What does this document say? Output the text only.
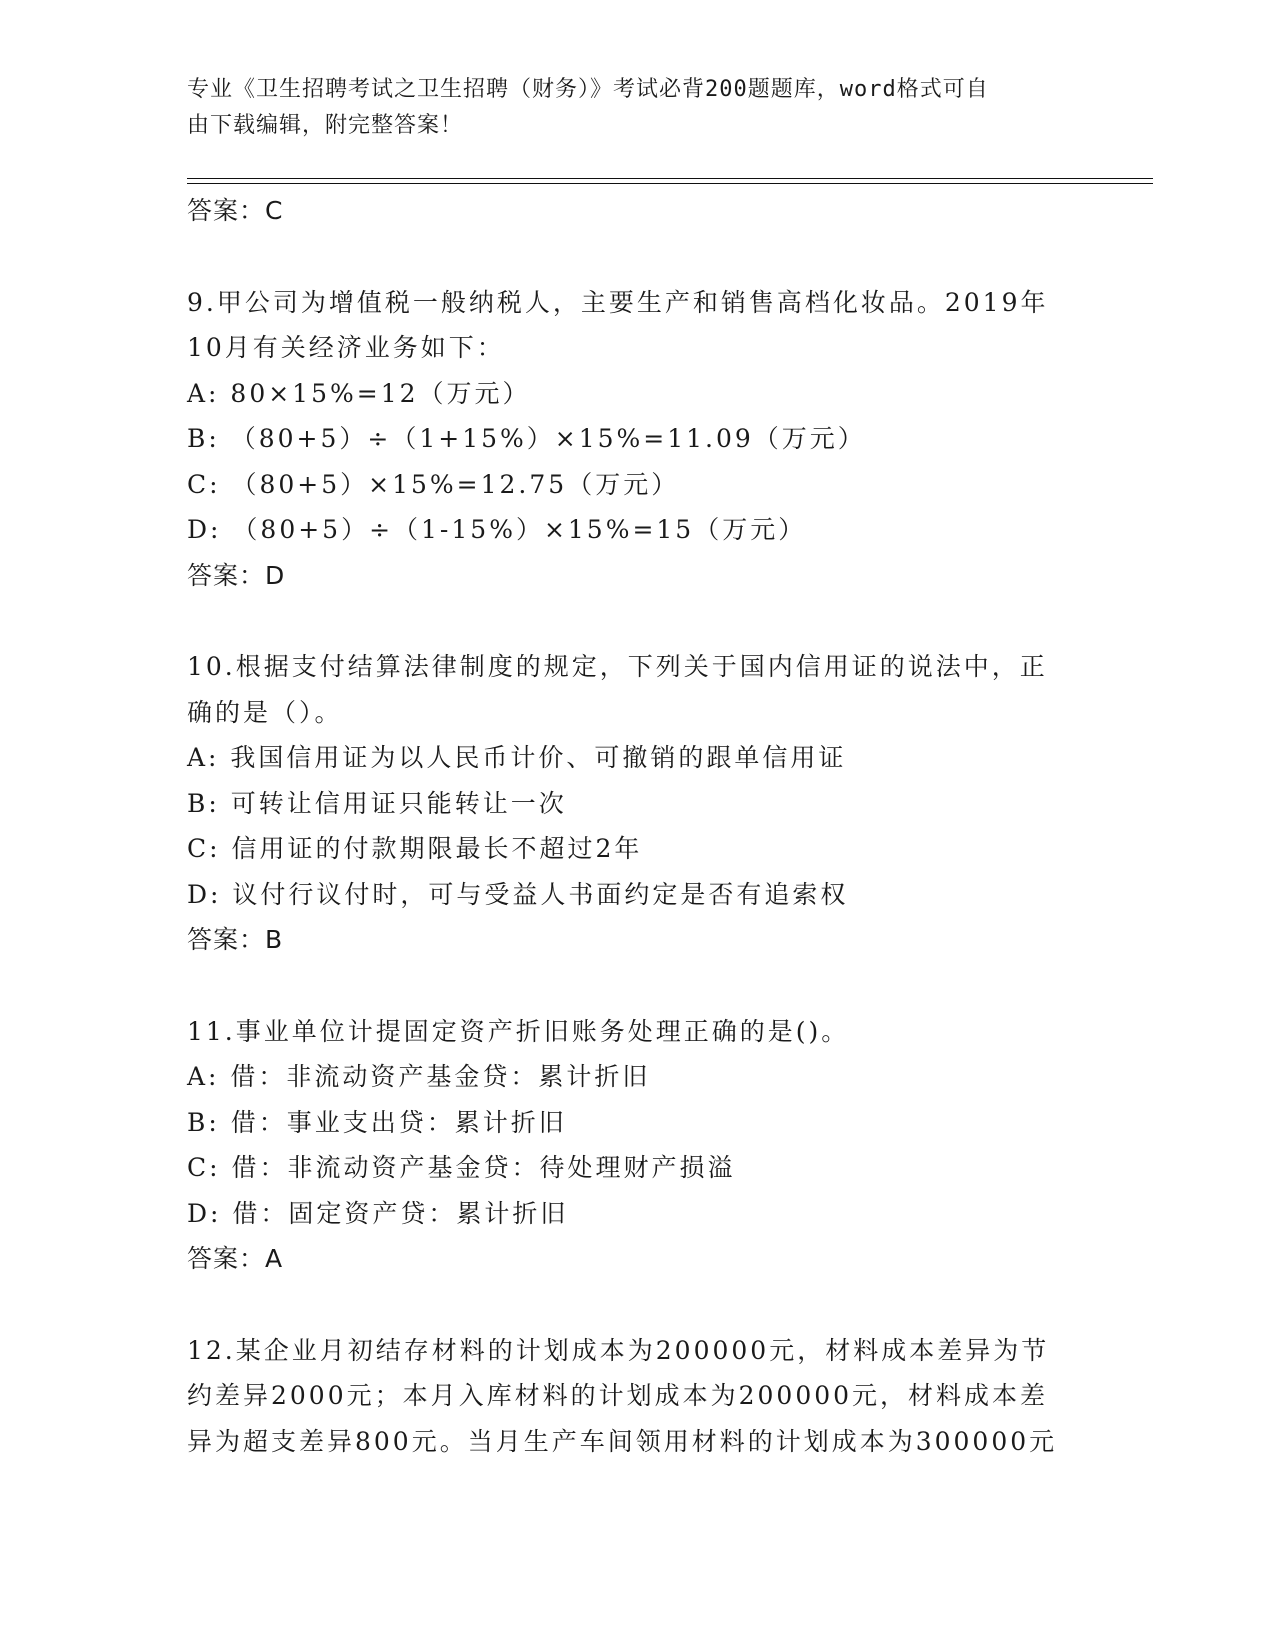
专业《卫生招聘考试之卫生招聘（财务）》考试必背200题题库，word格式可自
由下载编辑，附完整答案！
答案：C
9.甲公司为增值税一般纳税人，主要生产和销售高档化妆品。2019年
10月有关经济业务如下：
A: 80×15%=12（万元）
B: （80+5）÷（1+15%）×15%=11.09（万元）
C: （80+5）×15%=12.75（万元）
D: （80+5）÷（1-15%）×15%=15（万元）
答案：D
10.根据支付结算法律制度的规定，下列关于国内信用证的说法中，正
确的是（）。
A: 我国信用证为以人民币计价、可撤销的跟单信用证
B: 可转让信用证只能转让一次
C: 信用证的付款期限最长不超过2年
D: 议付行议付时，可与受益人书面约定是否有追索权
答案：B
11.事业单位计提固定资产折旧账务处理正确的是()。
A: 借：非流动资产基金贷：累计折旧
B: 借：事业支出贷：累计折旧
C: 借：非流动资产基金贷：待处理财产损溢
D: 借：固定资产贷：累计折旧
答案：A
12.某企业月初结存材料的计划成本为200000元，材料成本差异为节
约差异2000元；本月入库材料的计划成本为200000元，材料成本差
异为超支差异800元。当月生产车间领用材料的计划成本为300000元
